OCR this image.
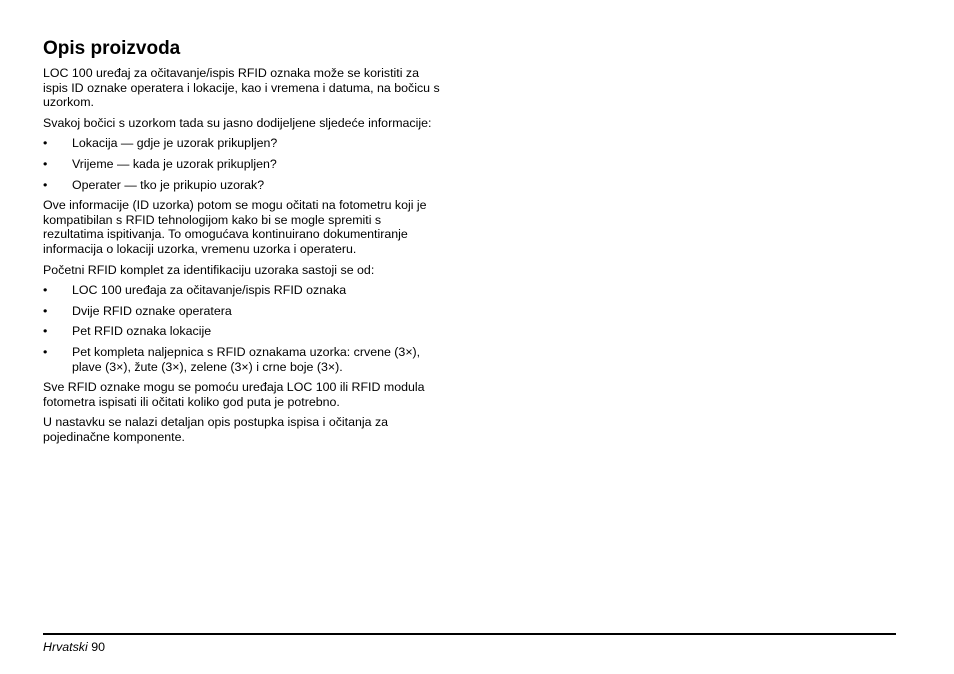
Opis proizvoda

LOC 100 uređaj za očitavanje/ispis RFID oznaka može se koristiti za
ispis ID oznake operatera i lokacije, kao i vremena i datuma, na bočicu s
uzorkom.

Svakoj bočici s uzorkom tada su jasno dodijeljene sljedeće informacije:

• Lokacija — gdje je uzorak prikupljen?
• Vrijeme — kada je uzorak prikupljen?
• Operater — tko je prikupio uzorak?

Ove informacije (ID uzorka) potom se mogu očitati na fotometru koji je
kompatibilan s RFID tehnologijom kako bi se mogle spremiti s
rezultatima ispitivanja. To omogućava kontinuirano dokumentiranje
informacija o lokaciji uzorka, vremenu uzorka i operateru.

Početni RFID komplet za identifikaciju uzoraka sastoji se od:

• LOC 100 uređaja za očitavanje/ispis RFID oznaka
• Dvije RFID oznake operatera
• Pet RFID oznaka lokacije
• Pet kompleta naljepnica s RFID oznakama uzorka: crvene (3×),
plave (3×), žute (3×), zelene (3×) i crne boje (3×).

Sve RFID oznake mogu se pomoću uređaja LOC 100 ili RFID modula
fotometra ispisati ili očitati koliko god puta je potrebno.

U nastavku se nalazi detaljan opis postupka ispisa i očitanja za
pojedinačne komponente.

Hrvatski 90
